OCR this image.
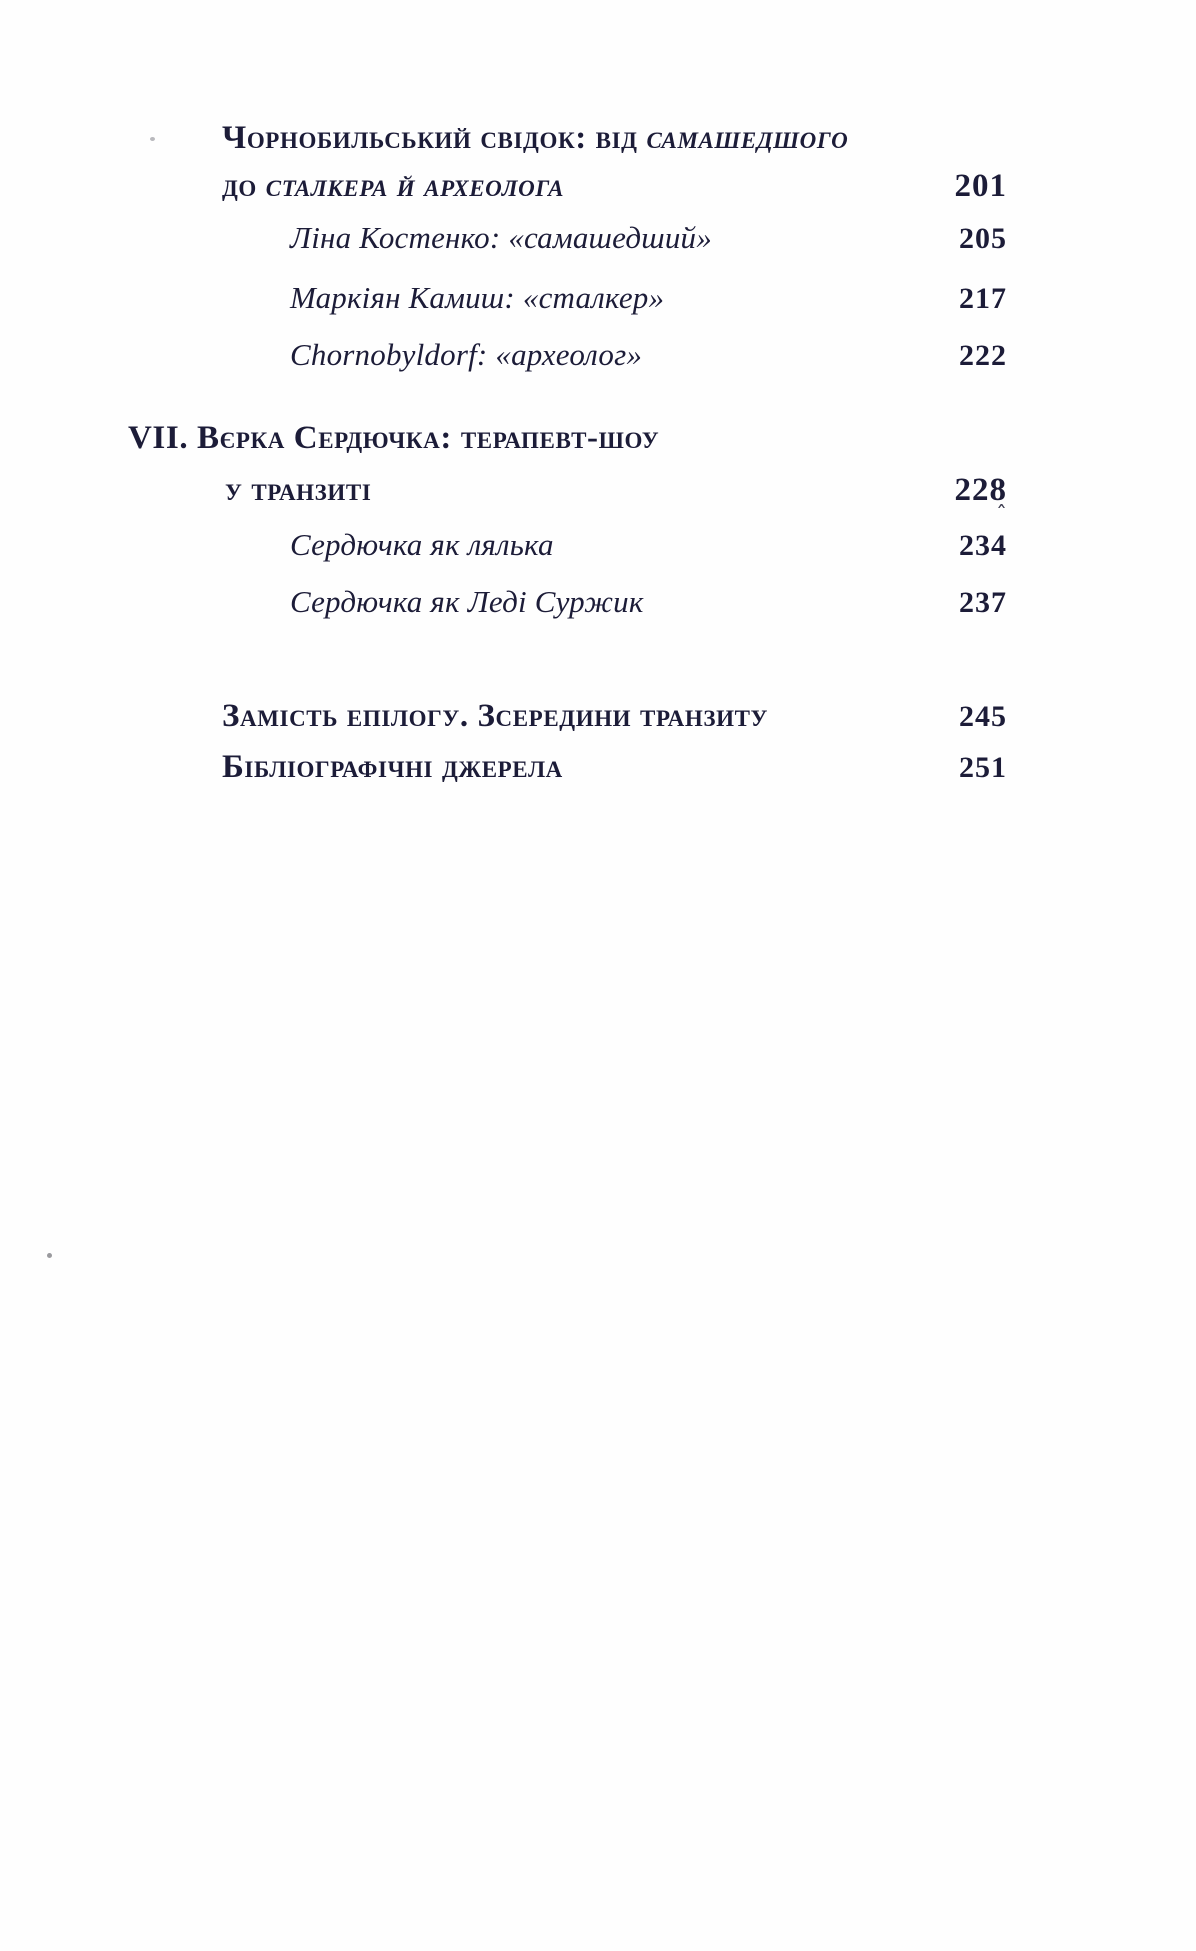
Чорнобильський свідок: від самашедшого
до сталкера й археолога	201
Ліна Костенко: «самашедший»	205
Маркіян Камиш: «сталкер»	217
Chornobyldorf: «археолог»	222
VII. Вєрка Сердючка: терапевт-шоу
у транзиті	228
Сердючка як лялька	234
Сердючка як Леді Суржик	237
Замість епілогу. Зсередини транзиту	245
Бібліографічні джерела	251
ˆ
